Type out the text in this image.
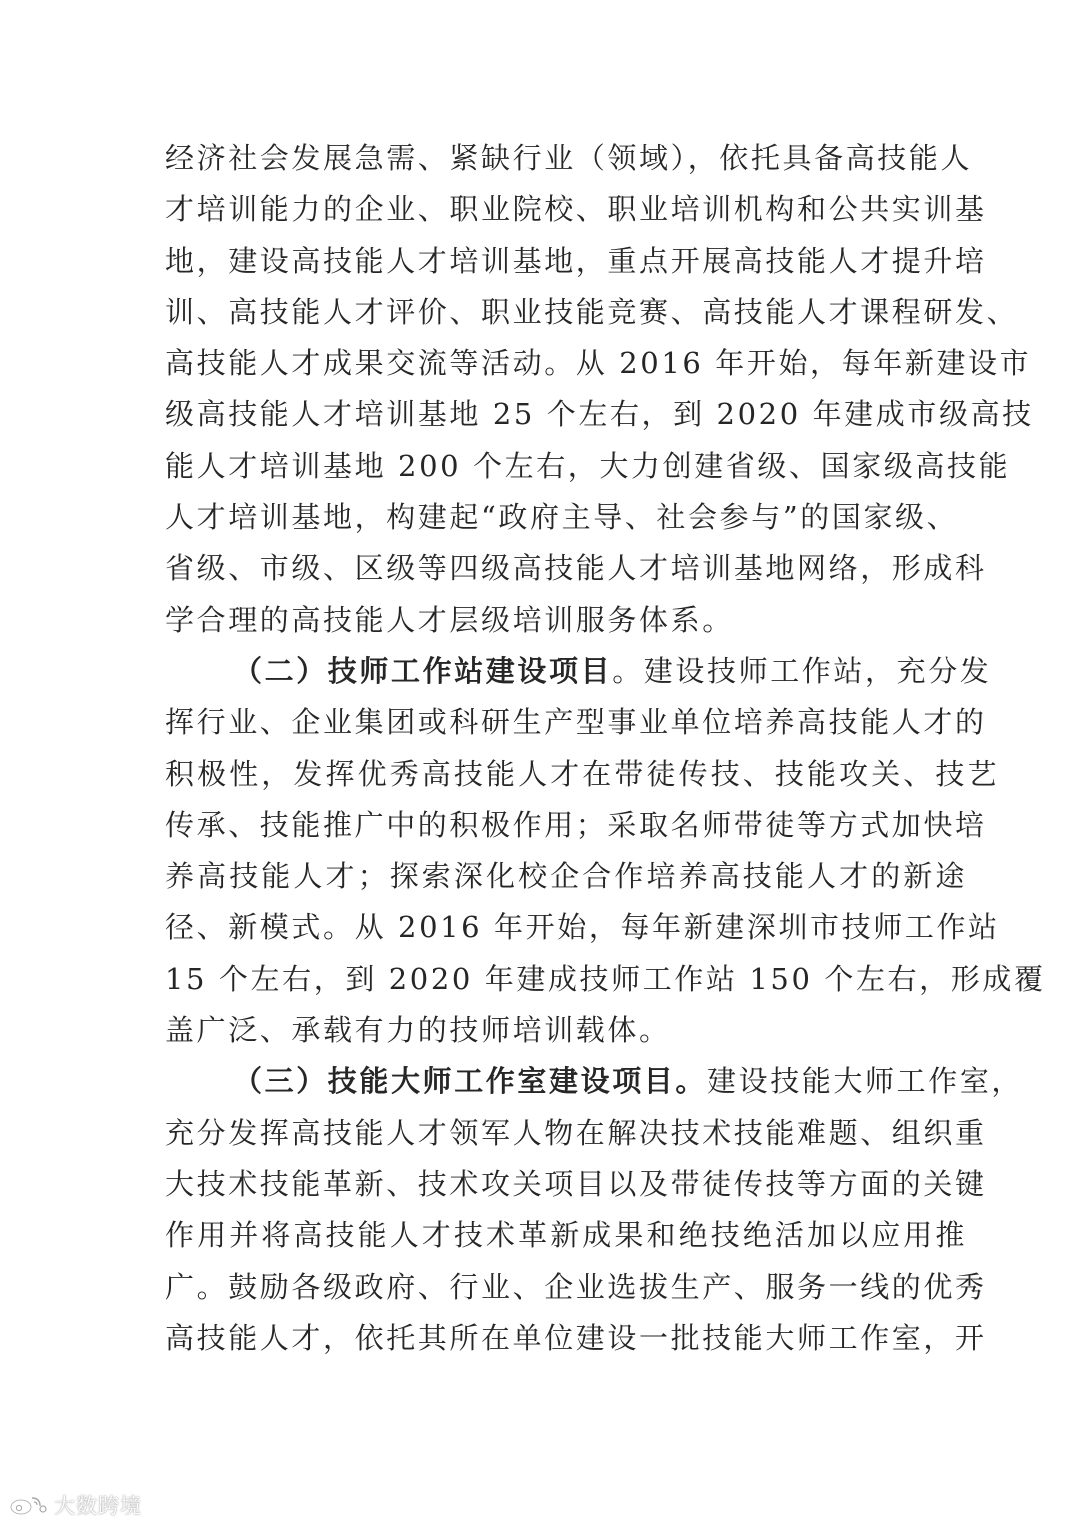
经济社会发展急需、紧缺行业（领域），依托具备高技能人
才培训能力的企业、职业院校、职业培训机构和公共实训基
地，建设高技能人才培训基地，重点开展高技能人才提升培
训、高技能人才评价、职业技能竞赛、高技能人才课程研发、
高技能人才成果交流等活动。从 2016 年开始，每年新建设市
级高技能人才培训基地 25 个左右，到 2020 年建成市级高技
能人才培训基地 200 个左右，大力创建省级、国家级高技能
人才培训基地，构建起“政府主导、社会参与”的国家级、
省级、市级、区级等四级高技能人才培训基地网络，形成科
学合理的高技能人才层级培训服务体系。
（二）技师工作站建设项目。建设技师工作站，充分发
挥行业、企业集团或科研生产型事业单位培养高技能人才的
积极性，发挥优秀高技能人才在带徒传技、技能攻关、技艺
传承、技能推广中的积极作用；采取名师带徒等方式加快培
养高技能人才；探索深化校企合作培养高技能人才的新途
径、新模式。从 2016 年开始，每年新建深圳市技师工作站
15 个左右，到 2020 年建成技师工作站 150 个左右，形成覆
盖广泛、承载有力的技师培训载体。
（三）技能大师工作室建设项目。建设技能大师工作室，
充分发挥高技能人才领军人物在解决技术技能难题、组织重
大技术技能革新、技术攻关项目以及带徒传技等方面的关键
作用并将高技能人才技术革新成果和绝技绝活加以应用推
广。鼓励各级政府、行业、企业选拔生产、服务一线的优秀
高技能人才，依托其所在单位建设一批技能大师工作室，开
大数跨境
